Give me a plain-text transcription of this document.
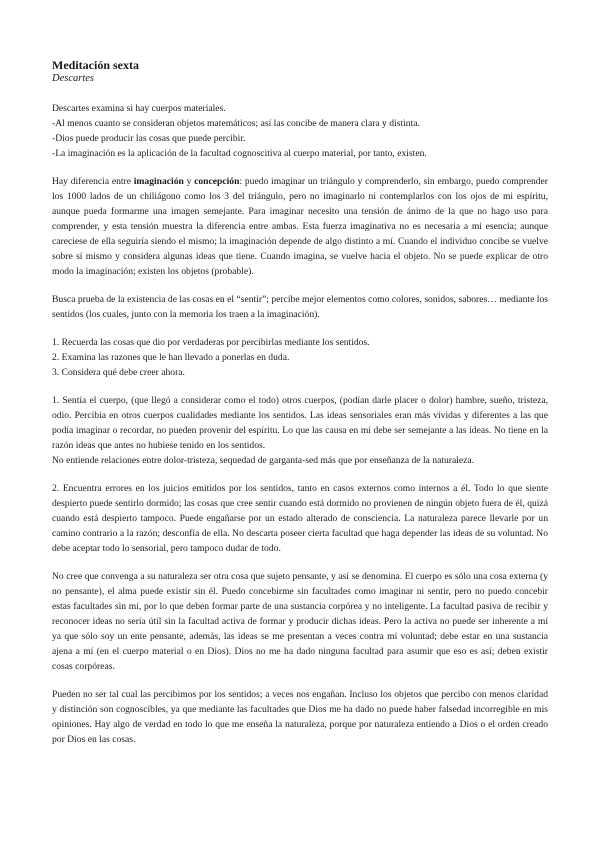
Meditación sexta
Descartes

Descartes examina si hay cuerpos materiales.

-Al menos cuanto se consideran objetos matemáticos; así las concibe de manera clara y distinta.

-Dios puede producir las cosas que puede percibir.

-La imaginación es la aplicación de la facultad cognoscitiva al cuerpo material, por tanto, existen.

Hay diferencia entre imaginación y concepción: puedo imaginar un triángulo y comprenderlo, sin embargo, puedo comprender los 1000 lados de un chiliágono como los 3 del triángulo, pero no imaginarlo ni contemplarlos con los ojos de mi espíritu, aunque pueda formarme una imagen semejante. Para imaginar necesito una tensión de ánimo de la que no hago uso para comprender, y esta tensión muestra la diferencia entre ambas. Esta fuerza imaginativa no es necesaria a mi esencia; aunque careciese de ella seguiría siendo el mismo; la imaginación depende de algo distinto a mí. Cuando el individuo concibe se vuelve sobre sí mismo y considera algunas ideas que tiene. Cuando imagina, se vuelve hacia el objeto. No se puede explicar de otro modo la imaginación; existen los objetos (probable).
Busca prueba de la existencia de las cosas en el “sentir”; percibe mejor elementos como colores, sonidos, sabores… mediante los sentidos (los cuales, junto con la memoria los traen a la imaginación).

1. Recuerda las cosas que dio por verdaderas por percibirlas mediante los sentidos.

2. Examina las razones que le han llevado a ponerlas en duda.

3. Considera qué debe creer ahora.

1. Sentía el cuerpo, (que llegó a considerar como el todo) otros cuerpos, (podían darle placer o dolor) hambre, sueño, tristeza, odio. Percibía en otros cuerpos cualidades mediante los sentidos. Las ideas sensoriales eran más vívidas y diferentes a las que podía imaginar o recordar, no pueden provenir del espíritu. Lo que las causa en mí debe ser semejante a las ideas. No tiene en la razón ideas que antes no hubiese tenido en los sentidos.

No entiende relaciones entre dolor-tristeza, sequedad de garganta-sed más que por enseñanza de la naturaleza.

2. Encuentra errores en los juicios emitidos por los sentidos, tanto en casos externos como internos a él. Todo lo que siente despierto puede sentirlo dormido; las cosas que cree sentir cuando está dormido no provienen de ningún objeto fuera de él, quizá cuando está despierto tampoco. Puede engañarse por un estado alterado de consciencia. La naturaleza parece llevarle por un camino contrario a la razón; desconfía de ella. No descarta poseer cierta facultad que haga depender las ideas de su voluntad. No debe aceptar todo lo sensorial, pero tampoco dudar de todo.
No cree que convenga a su naturaleza ser otra cosa que sujeto pensante, y así se denomina. El cuerpo es sólo una cosa externa (y no pensante), el alma puede existir sin él. Puedo concebirme sin facultades como imaginar ni sentir, pero no puedo concebir estas facultades sin mí, por lo que deben formar parte de una sustancia corpórea y no inteligente. La facultad pasiva de recibir y reconocer ideas no sería útil sin la facultad activa de formar y producir dichas ideas. Pero la activa no puede ser inherente a mí ya que sólo soy un ente pensante, además, las ideas se me presentan a veces contra mi voluntad; debe estar en una sustancia ajena a mí (en el cuerpo material o en Dios). Dios no me ha dado ninguna facultad para asumir que eso es así; deben existir cosas corpóreas.
Pueden no ser tal cual las percibimos por los sentidos; a veces nos engañan. Incluso los objetos que percibo con menos claridad y distinción son cognoscibles, ya que mediante las facultades que Dios me ha dado no puede haber falsedad incorregible en mis opiniones. Hay algo de verdad en todo lo que me enseña la naturaleza, porque por naturaleza entiendo a Dios o el orden creado por Dios en las cosas.
